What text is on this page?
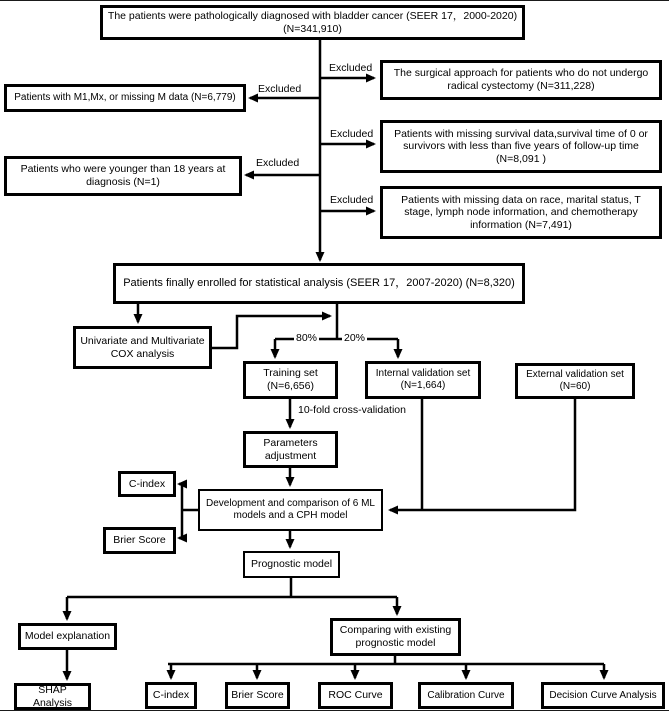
The patients were pathologically diagnosed with bladder cancer (SEER 17，2000-2020) (N=341,910)
The surgical approach for patients who do not undergo radical cystectomy (N=311,228)
Patients with M1,Mx, or missing M data (N=6,779)
Patients with missing survival data,survival time of 0 or survivors with less than five years of follow-up time (N=8,091 )
Patients who were younger than 18 years at diagnosis (N=1)
Patients with missing data on race, marital status, T stage, lymph node information, and chemotherapy information (N=7,491)
Patients finally enrolled for statistical analysis (SEER 17，2007-2020) (N=8,320)
Univariate and Multivariate COX analysis
Training set (N=6,656)
Internal validation set (N=1,664)
External validation set (N=60)
Parameters adjustment
C-index
Brier Score
Development and comparison of 6 ML models and a CPH model
Prognostic model
Model explanation	Comparing with existing prognostic model
SHAP Analysis
C-index	Brier Score	ROC Curve	Calibration Curve	Decision Curve Analysis
Excluded
Excluded
Excluded
Excluded
Excluded
80%	20%
10-fold cross-validation
